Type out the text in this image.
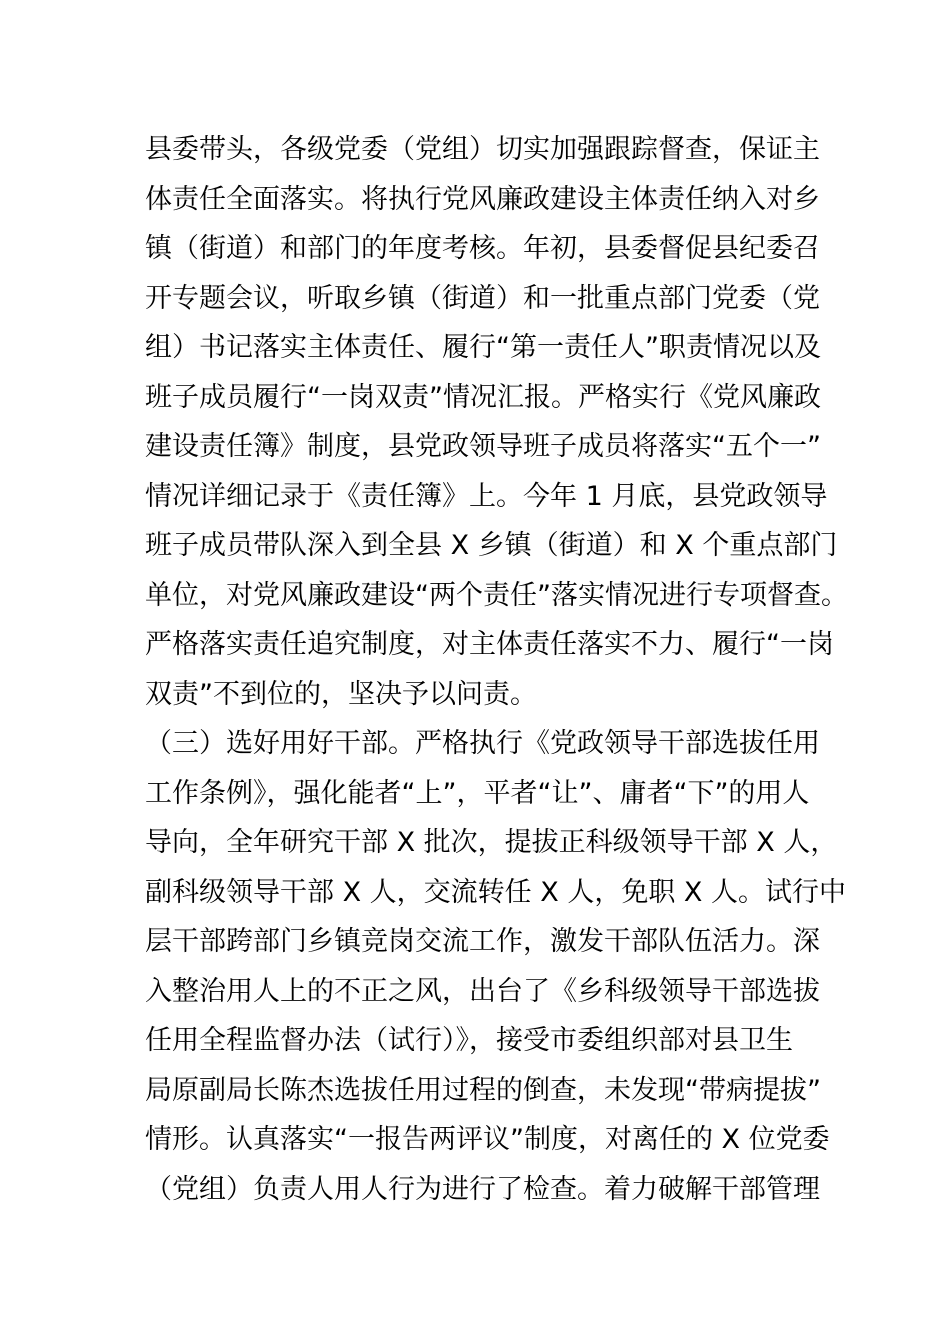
县委带头，各级党委（党组）切实加强跟踪督查，保证主
体责任全面落实。将执行党风廉政建设主体责任纳入对乡
镇（街道）和部门的年度考核。年初，县委督促县纪委召
开专题会议，听取乡镇（街道）和一批重点部门党委（党
组）书记落实主体责任、履行“第一责任人”职责情况以及
班子成员履行“一岗双责”情况汇报。严格实行《党风廉政
建设责任簿》制度，县党政领导班子成员将落实“五个一”
情况详细记录于《责任簿》上。今年 1 月底，县党政领导
班子成员带队深入到全县 X 乡镇（街道）和 X 个重点部门
单位，对党风廉政建设“两个责任”落实情况进行专项督查。
严格落实责任追究制度，对主体责任落实不力、履行“一岗
双责”不到位的，坚决予以问责。
（三）选好用好干部。严格执行《党政领导干部选拔任用
工作条例》，强化能者“上”，平者“让”、庸者“下”的用人
导向，全年研究干部 X 批次，提拔正科级领导干部 X 人，
副科级领导干部 X 人，交流转任 X 人，免职 X 人。试行中
层干部跨部门乡镇竞岗交流工作，激发干部队伍活力。深
入整治用人上的不正之风，出台了《乡科级领导干部选拔
任用全程监督办法（试行）》，接受市委组织部对县卫生
局原副局长陈杰选拔任用过程的倒查，未发现“带病提拔”
情形。认真落实“一报告两评议”制度，对离任的 X 位党委
（党组）负责人用人行为进行了检查。着力破解干部管理
